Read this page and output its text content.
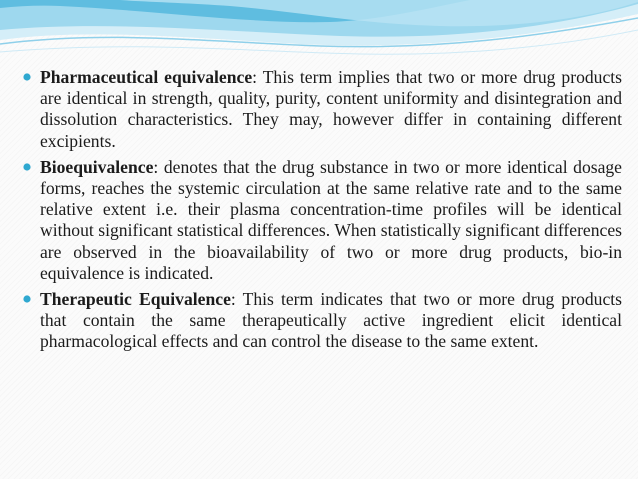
Pharmaceutical equivalence: This term implies that two or more drug products are identical in strength, quality, purity, content uniformity and disintegration and dissolution characteristics. They may, however differ in containing different excipients.
Bioequivalence: denotes that the drug substance in two or more identical dosage forms, reaches the systemic circulation at the same relative rate and to the same relative extent i.e. their plasma concentration-time profiles will be identical without significant statistical differences. When statistically significant differences are observed in the bioavailability of two or more drug products, bio-in equivalence is indicated.
Therapeutic Equivalence: This term indicates that two or more drug products that contain the same therapeutically active ingredient elicit identical pharmacological effects and can control the disease to the same extent.
